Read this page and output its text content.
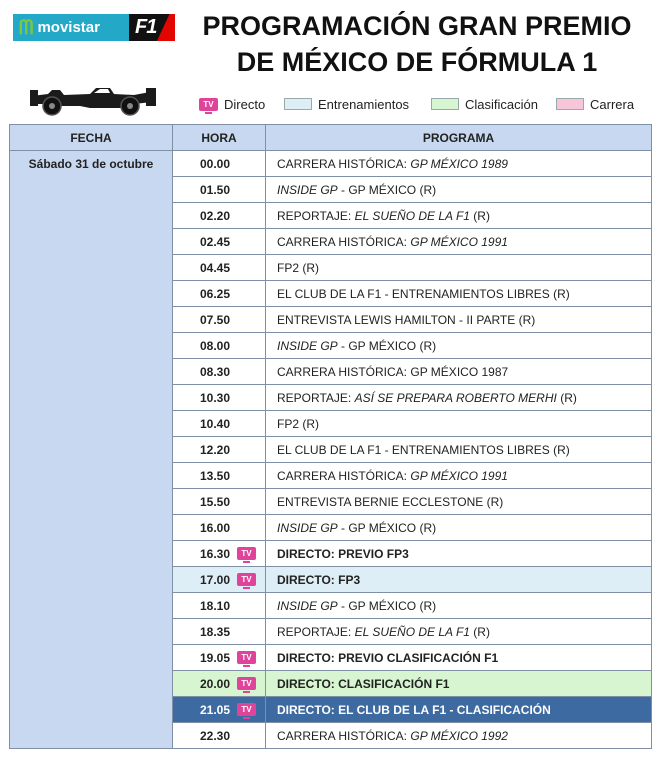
ᗰ movistar F1	PROGRAMACIÓN GRAN PREMIO
DE MÉXICO DE FÓRMULA 1
TV Directo	Entrenamientos	Clasificación	Carrera
FECHA	HORA	PROGRAMA
Sábado 31 de octubre	00.00	CARRERA HISTÓRICA: GP MÉXICO 1989
	01.50	INSIDE GP - GP MÉXICO (R)
	02.20	REPORTAJE: EL SUEÑO DE LA F1 (R)
	02.45	CARRERA HISTÓRICA: GP MÉXICO 1991
	04.45	FP2 (R)
	06.25	EL CLUB DE LA F1 - ENTRENAMIENTOS LIBRES (R)
	07.50	ENTREVISTA LEWIS HAMILTON - II PARTE (R)
	08.00	INSIDE GP - GP MÉXICO (R)
	08.30	CARRERA HISTÓRICA: GP MÉXICO 1987
	10.30	REPORTAJE: ASÍ SE PREPARA ROBERTO MERHI (R)
	10.40	FP2 (R)
	12.20	EL CLUB DE LA F1 - ENTRENAMIENTOS LIBRES (R)
	13.50	CARRERA HISTÓRICA: GP MÉXICO 1991
	15.50	ENTREVISTA BERNIE ECCLESTONE (R)
	16.00	INSIDE GP - GP MÉXICO (R)
	16.30 TV	DIRECTO: PREVIO FP3
	17.00 TV	DIRECTO: FP3
	18.10	INSIDE GP - GP MÉXICO (R)
	18.35	REPORTAJE: EL SUEÑO DE LA F1 (R)
	19.05 TV	DIRECTO: PREVIO CLASIFICACIÓN F1
	20.00 TV	DIRECTO: CLASIFICACIÓN F1
	21.05 TV	DIRECTO: EL CLUB DE LA F1 - CLASIFICACIÓN
	22.30	CARRERA HISTÓRICA: GP MÉXICO 1992
